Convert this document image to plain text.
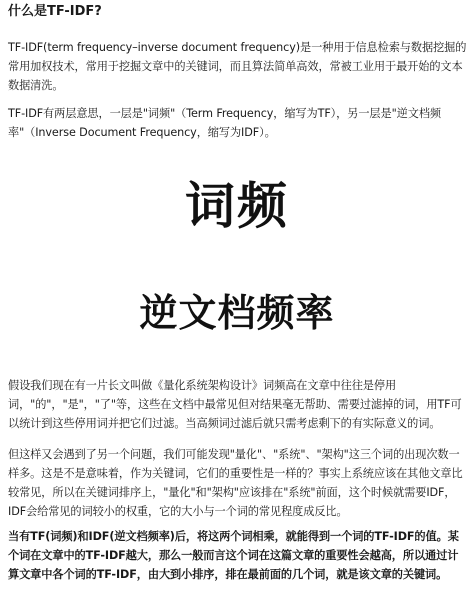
什么是TF-IDF?

TF-IDF(term frequency–inverse document frequency)是一种用于信息检索与数据挖掘的常用加权技术，常用于挖掘文章中的关键词，而且算法简单高效，常被工业用于最开始的文本数据清洗。

TF-IDF有两层意思，一层是"词频"（Term Frequency，缩写为TF），另一层是"逆文档频率"（Inverse Document Frequency，缩写为IDF）。

词频
逆文档频率

假设我们现在有一片长文叫做《量化系统架构设计》词频高在文章中往往是停用词，"的"，"是"，"了"等，这些在文档中最常见但对结果毫无帮助、需要过滤掉的词，用TF可以统计到这些停用词并把它们过滤。当高频词过滤后就只需考虑剩下的有实际意义的词。

但这样又会遇到了另一个问题，我们可能发现"量化"、"系统"、"架构"这三个词的出现次数一样多。这是不是意味着，作为关键词，它们的重要性是一样的？事实上系统应该在其他文章比较常见，所以在关键词排序上，"量化"和"架构"应该排在"系统"前面，这个时候就需要IDF，IDF会给常见的词较小的权重，它的大小与一个词的常见程度成反比。

当有TF(词频)和IDF(逆文档频率)后，将这两个词相乘，就能得到一个词的TF-IDF的值。某个词在文章中的TF-IDF越大，那么一般而言这个词在这篇文章的重要性会越高，所以通过计算文章中各个词的TF-IDF，由大到小排序，排在最前面的几个词，就是该文章的关键词。
